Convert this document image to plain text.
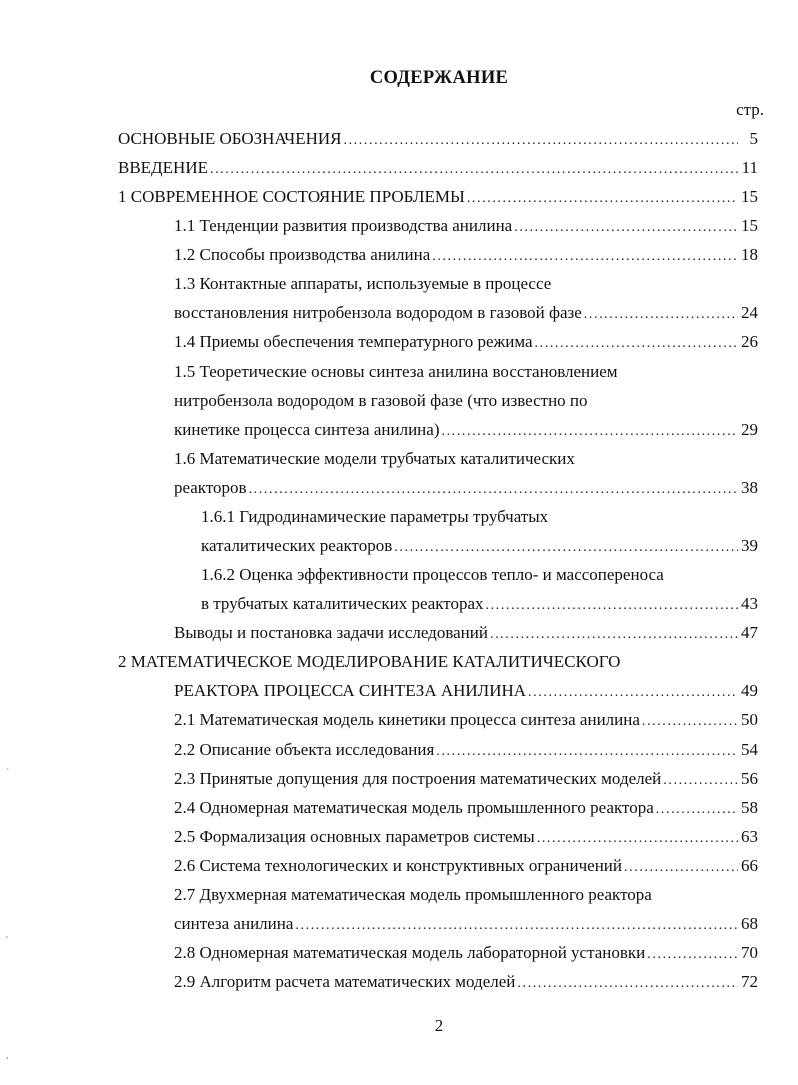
СОДЕРЖАНИЕ
стр.
ОСНОВНЫЕ ОБОЗНАЧЕНИЯ .....	5
ВВЕДЕНИЕ .....	11
1 СОВРЕМЕННОЕ СОСТОЯНИЕ ПРОБЛЕМЫ .....	15
1.1 Тенденции развития производства анилина .....	15
1.2 Способы производства анилина .....	18
1.3 Контактные аппараты, используемые в процессе
восстановления нитробензола водородом в газовой фазе .....	24
1.4 Приемы обеспечения температурного режима .....	26
1.5 Теоретические основы синтеза анилина восстановлением
нитробензола водородом в газовой фазе (что известно по
кинетике процесса синтеза анилина) .....	29
1.6 Математические модели трубчатых каталитических
реакторов .....	38
1.6.1 Гидродинамические параметры трубчатых
каталитических реакторов .....	39
1.6.2 Оценка эффективности процессов тепло- и массопереноса
в трубчатых каталитических реакторах .....	43
Выводы и постановка задачи исследований .....	47
2 МАТЕМАТИЧЕСКОЕ МОДЕЛИРОВАНИЕ КАТАЛИТИЧЕСКОГО
РЕАКТОРА ПРОЦЕССА СИНТЕЗА АНИЛИНА .....	49
2.1 Математическая модель кинетики процесса синтеза анилина .....	50
2.2 Описание объекта исследования .....	54
2.3 Принятые допущения для построения математических моделей .....	56
2.4 Одномерная математическая модель промышленного реактора .....	58
2.5 Формализация основных параметров системы .....	63
2.6 Система технологических и конструктивных ограничений .....	66
2.7 Двухмерная математическая модель промышленного реактора
синтеза анилина .....	68
2.8 Одномерная математическая модель лабораторной установки .....	70
2.9 Алгоритм расчета математических моделей .....	72
2
`
'
,
